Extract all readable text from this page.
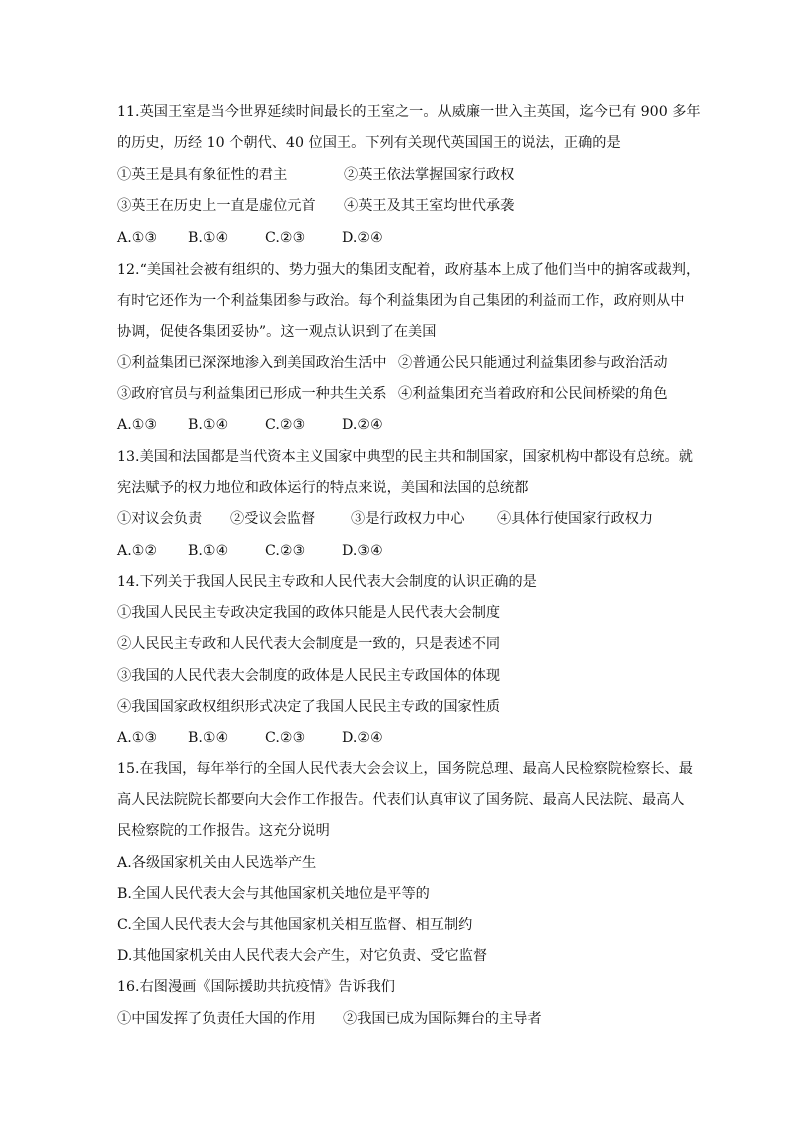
11.英国王室是当今世界延续时间最长的王室之一。从威廉一世入主英国，迄今已有 900 多年
的历史，历经 10 个朝代、40 位国王。下列有关现代英国国王的说法，正确的是
①英王是具有象征性的君主	②英王依法掌握国家行政权
③英王在历史上一直是虚位元首 ④英王及其王室均世代承袭
A.①③ B.①④	C.②③	D.②④
12.“美国社会被有组织的、势力强大的集团支配着，政府基本上成了他们当中的掮客或裁判，
有时它还作为一个利益集团参与政治。每个利益集团为自己集团的利益而工作，政府则从中
协调，促使各集团妥协”。这一观点认识到了在美国
①利益集团已深深地渗入到美国政治生活中 ②普通公民只能通过利益集团参与政治活动
③政府官员与利益集团已形成一种共生关系 ④利益集团充当着政府和公民间桥梁的角色
A.①③ B.①④	C.②③	D.②④
13.美国和法国都是当代资本主义国家中典型的民主共和制国家，国家机构中都设有总统。就
宪法赋予的权力地位和政体运行的特点来说，美国和法国的总统都
①对议会负责 ②受议会监督	③是行政权力中心 ④具体行使国家行政权力
A.①② B.①④	C.②③	D.③④
14.下列关于我国人民民主专政和人民代表大会制度的认识正确的是
①我国人民民主专政决定我国的政体只能是人民代表大会制度
②人民民主专政和人民代表大会制度是一致的，只是表述不同
③我国的人民代表大会制度的政体是人民民主专政国体的体现
④我国国家政权组织形式决定了我国人民民主专政的国家性质
A.①③ B.①④	C.②③	D.②④
15.在我国，每年举行的全国人民代表大会会议上，国务院总理、最高人民检察院检察长、最
高人民法院院长都要向大会作工作报告。代表们认真审议了国务院、最高人民法院、最高人
民检察院的工作报告。这充分说明
A.各级国家机关由人民选举产生
B.全国人民代表大会与其他国家机关地位是平等的
C.全国人民代表大会与其他国家机关相互监督、相互制约
D.其他国家机关由人民代表大会产生，对它负责、受它监督
16.右图漫画《国际援助共抗疫情》告诉我们
①中国发挥了负责任大国的作用 ②我国已成为国际舞台的主导者
